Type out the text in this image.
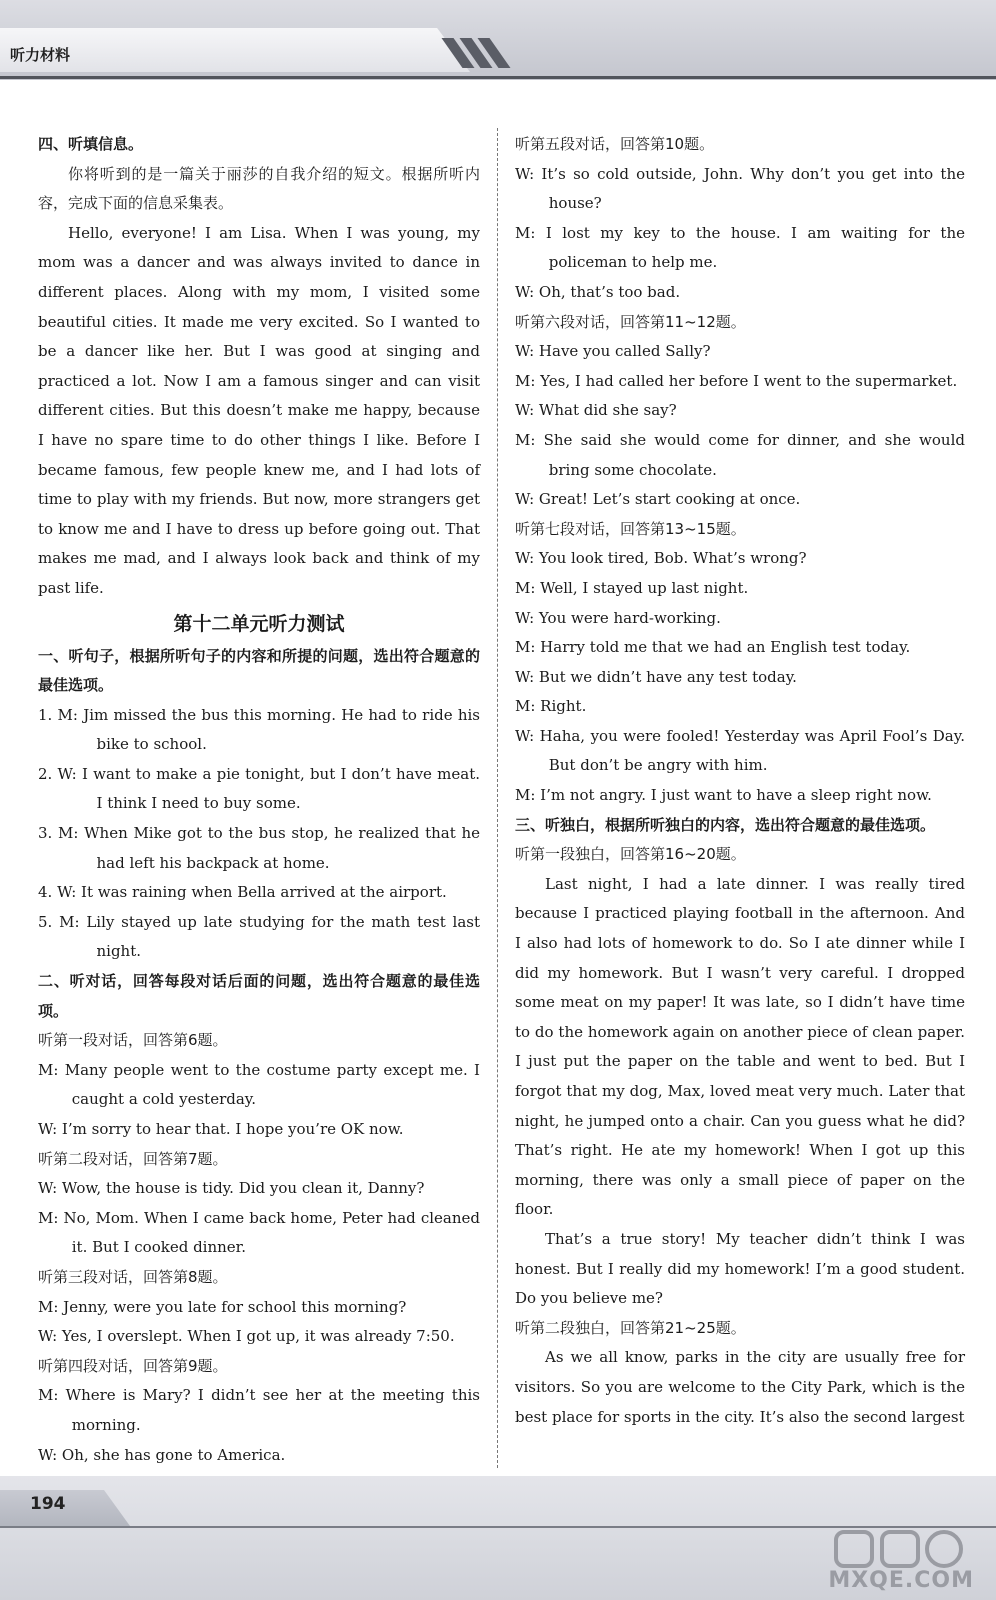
听力材料

四、听填信息。

你将听到的是一篇关于丽莎的自我介绍的短文。根据所听内容，完成下面的信息采集表。

Hello, everyone! I am Lisa. When I was young, my mom was a dancer and was always invited to dance in different places. Along with my mom, I visited some beautiful cities. It made me very excited. So I wanted to be a dancer like her. But I was good at singing and practiced a lot. Now I am a famous singer and can visit different cities. But this doesn’t make me happy, because I have no spare time to do other things I like. Before I became famous, few people knew me, and I had lots of time to play with my friends. But now, more strangers get to know me and I have to dress up before going out. That makes me mad, and I always look back and think of my past life.

第十二单元听力测试

一、听句子，根据所听句子的内容和所提的问题，选出符合题意的最佳选项。

1. M: Jim missed the bus this morning. He had to ride his bike to school.

2. W: I want to make a pie tonight, but I don’t have meat. I think I need to buy some.

3. M: When Mike got to the bus stop, he realized that he had left his backpack at home.

4. W: It was raining when Bella arrived at the airport.

5. M: Lily stayed up late studying for the math test last night.

二、听对话，回答每段对话后面的问题，选出符合题意的最佳选项。

听第一段对话，回答第6题。

M: Many people went to the costume party except me. I caught a cold yesterday.

W: I’m sorry to hear that. I hope you’re OK now.

听第二段对话，回答第7题。

W: Wow, the house is tidy. Did you clean it, Danny?

M: No, Mom. When I came back home, Peter had cleaned it. But I cooked dinner.

听第三段对话，回答第8题。

M: Jenny, were you late for school this morning?

W: Yes, I overslept. When I got up, it was already 7:50.

听第四段对话，回答第9题。

M: Where is Mary? I didn’t see her at the meeting this morning.

W: Oh, she has gone to America.

听第五段对话，回答第10题。

W: It’s so cold outside, John. Why don’t you get into the house?

M: I lost my key to the house. I am waiting for the policeman to help me.

W: Oh, that’s too bad.

听第六段对话，回答第11~12题。

W: Have you called Sally?

M: Yes, I had called her before I went to the supermarket.

W: What did she say?

M: She said she would come for dinner, and she would bring some chocolate.

W: Great! Let’s start cooking at once.

听第七段对话，回答第13~15题。

W: You look tired, Bob. What’s wrong?

M: Well, I stayed up last night.

W: You were hard-working.

M: Harry told me that we had an English test today.

W: But we didn’t have any test today.

M: Right.

W: Haha, you were fooled! Yesterday was April Fool’s Day. But don’t be angry with him.

M: I’m not angry. I just want to have a sleep right now.

三、听独白，根据所听独白的内容，选出符合题意的最佳选项。

听第一段独白，回答第16~20题。

Last night, I had a late dinner. I was really tired because I practiced playing football in the afternoon. And I also had lots of homework to do. So I ate dinner while I did my homework. But I wasn’t very careful. I dropped some meat on my paper! It was late, so I didn’t have time to do the homework again on another piece of clean paper. I just put the paper on the table and went to bed. But I forgot that my dog, Max, loved meat very much. Later that night, he jumped onto a chair. Can you guess what he did? That’s right. He ate my homework! When I got up this morning, there was only a small piece of paper on the floor.

That’s a true story! My teacher didn’t think I was honest. But I really did my homework! I’m a good student. Do you believe me?

听第二段独白，回答第21~25题。

As we all know, parks in the city are usually free for visitors. So you are welcome to the City Park, which is the best place for sports in the city. It’s also the second largest

194
MXQE.COM
